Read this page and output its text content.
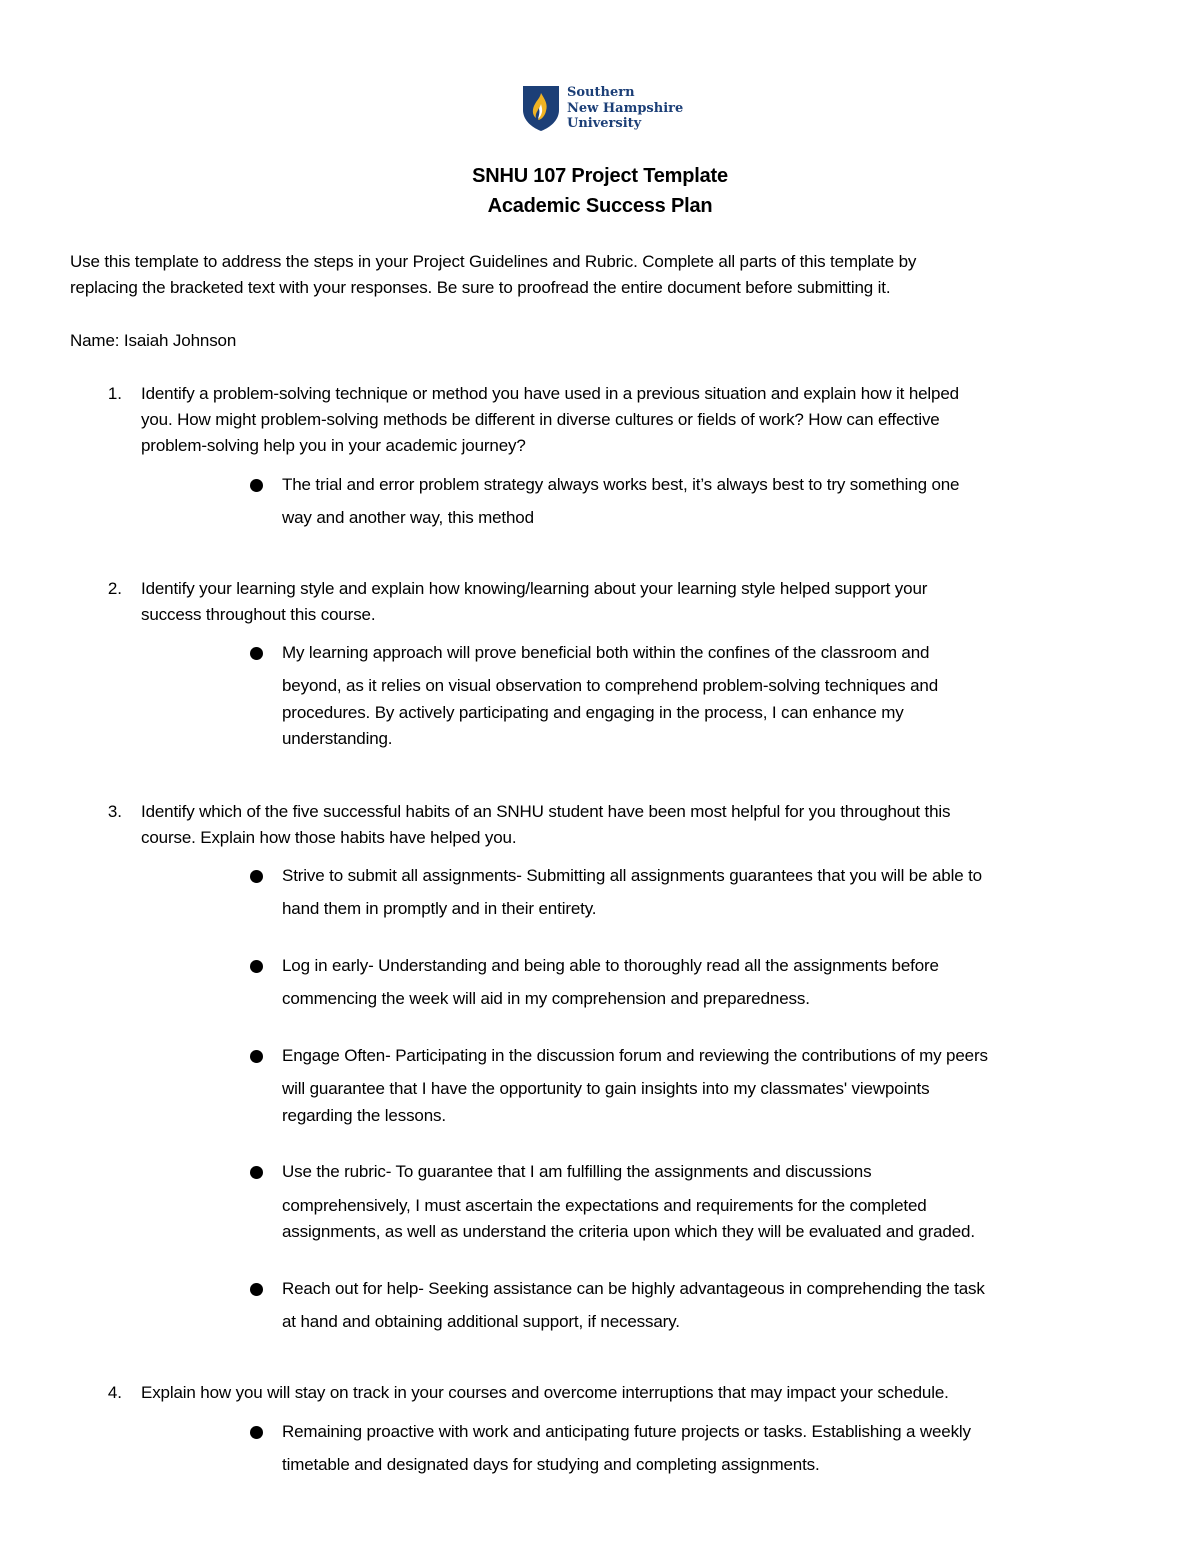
Southern
New Hampshire
University
SNHU 107 Project Template
Academic Success Plan
Use this template to address the steps in your Project Guidelines and Rubric. Complete all parts of this template by
replacing the bracketed text with your responses. Be sure to proofread the entire document before submitting it.
Name: Isaiah Johnson
1. Identify a problem-solving technique or method you have used in a previous situation and explain how it helped
you. How might problem-solving methods be different in diverse cultures or fields of work? How can effective
problem-solving help you in your academic journey?
The trial and error problem strategy always works best, it’s always best to try something one
way and another way, this method
2. Identify your learning style and explain how knowing/learning about your learning style helped support your
success throughout this course.
My learning approach will prove beneficial both within the confines of the classroom and
beyond, as it relies on visual observation to comprehend problem-solving techniques and
procedures. By actively participating and engaging in the process, I can enhance my
understanding.
3. Identify which of the five successful habits of an SNHU student have been most helpful for you throughout this
course. Explain how those habits have helped you.
Strive to submit all assignments- Submitting all assignments guarantees that you will be able to
hand them in promptly and in their entirety.
Log in early- Understanding and being able to thoroughly read all the assignments before
commencing the week will aid in my comprehension and preparedness.
Engage Often- Participating in the discussion forum and reviewing the contributions of my peers
will guarantee that I have the opportunity to gain insights into my classmates' viewpoints
regarding the lessons.
Use the rubric- To guarantee that I am fulfilling the assignments and discussions
comprehensively, I must ascertain the expectations and requirements for the completed
assignments, as well as understand the criteria upon which they will be evaluated and graded.
Reach out for help- Seeking assistance can be highly advantageous in comprehending the task
at hand and obtaining additional support, if necessary.
4. Explain how you will stay on track in your courses and overcome interruptions that may impact your schedule.
Remaining proactive with work and anticipating future projects or tasks. Establishing a weekly
timetable and designated days for studying and completing assignments.
